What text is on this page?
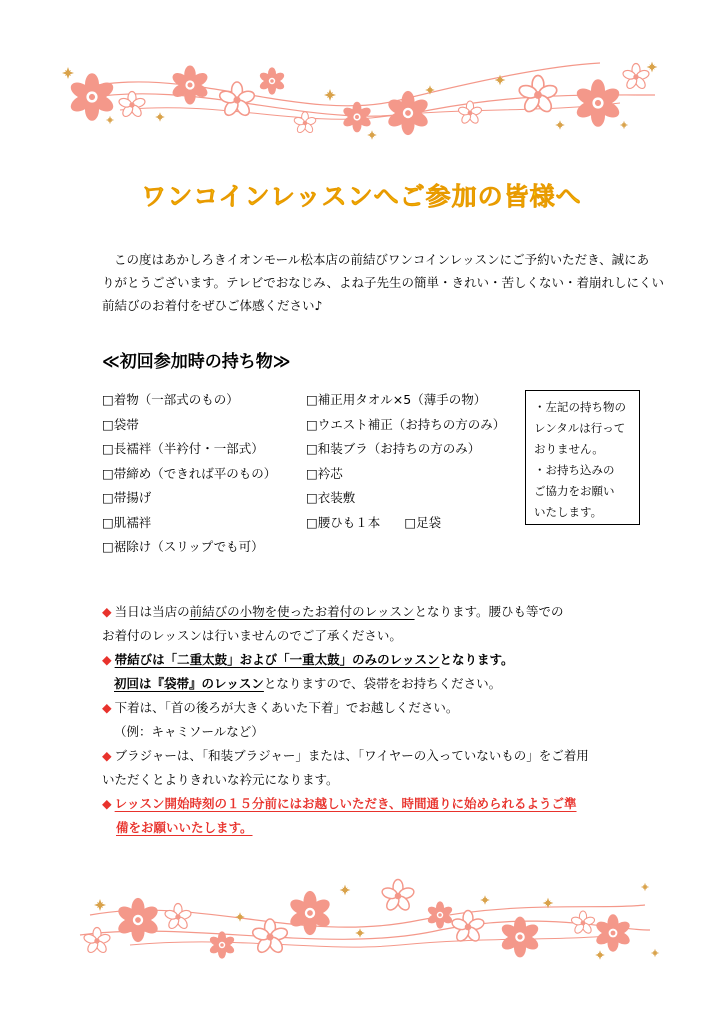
ワンコインレッスンへご参加の皆様へ

この度はあかしろきイオンモール松本店の前結びワンコインレッスンにご予約いただき、誠にあ

りがとうございます。テレビでおなじみ、よね子先生の簡単・きれい・苦しくない・着崩れしにくい

前結びのお着付をぜひご体感ください♪

≪初回参加時の持ち物≫
□着物（一部式のもの）
□袋帯
□長襦袢（半衿付・一部式）
□帯締め（できれば平のもの）
□帯揚げ
□肌襦袢
□裾除け（スリップでも可）
□補正用タオル×5（薄手の物）
□ウエスト補正（お持ちの方のみ）
□和装ブラ（お持ちの方のみ）
□衿芯
□衣装敷
□腰ひも１本 □足袋
・左記の持ち物の
レンタルは行って
おりません。
・お持ち込みの
ご協力をお願い
いたします。
◆ 当日は当店の前結びの小物を使ったお着付のレッスンとなります。腰ひも等での
お着付のレッスンは行いませんのでご了承ください。
◆ 帯結びは「二重太鼓」および「一重太鼓」のみのレッスンとなります。
初回は『袋帯』のレッスンとなりますので、袋帯をお持ちください。
◆ 下着は、「首の後ろが大きくあいた下着」でお越しください。
（例：キャミソールなど）
◆ ブラジャーは、「和装ブラジャー」または、「ワイヤーの入っていないもの」をご着用
いただくとよりきれいな衿元になります。
◆ レッスン開始時刻の１５分前にはお越しいただき、時間通りに始められるようご準
備をお願いいたします。
